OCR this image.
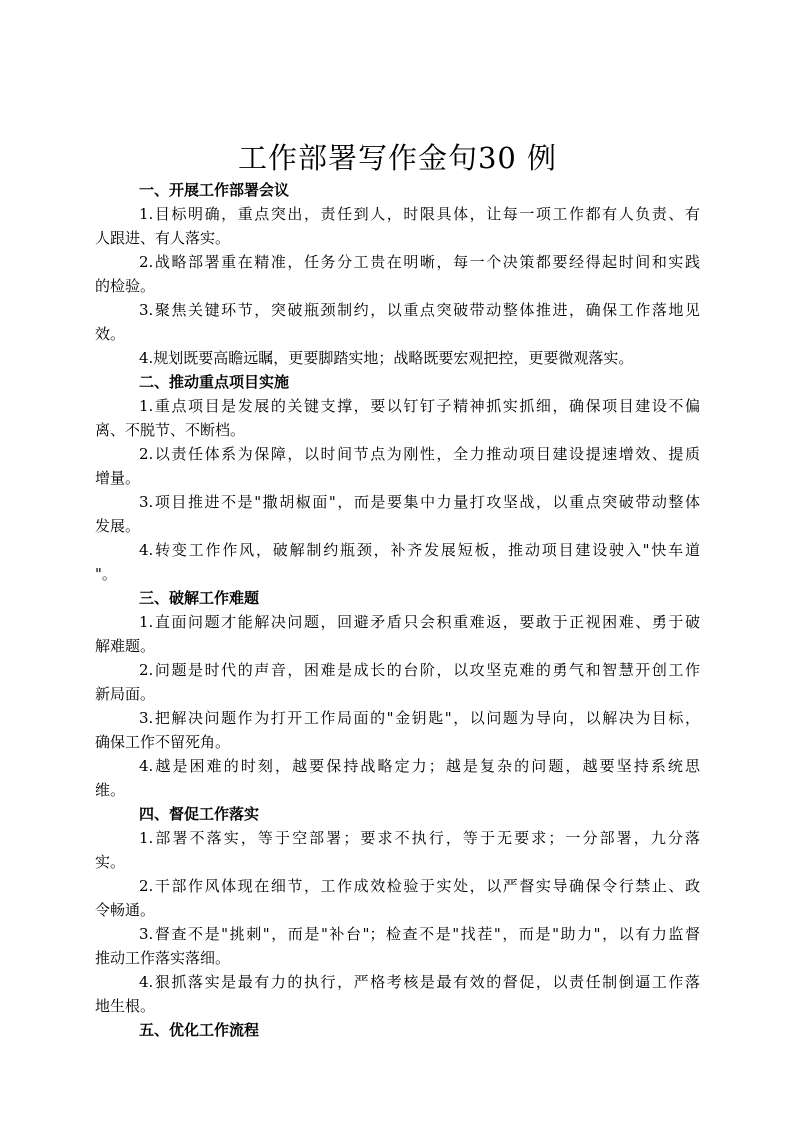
工作部署写作金句30 例
一、开展工作部署会议
1.目标明确，重点突出，责任到人，时限具体，让每一项工作都有人负责、有
人跟进、有人落实。
2.战略部署重在精准，任务分工贵在明晰，每一个决策都要经得起时间和实践
的检验。
3.聚焦关键环节，突破瓶颈制约，以重点突破带动整体推进，确保工作落地见
效。
4.规划既要高瞻远瞩，更要脚踏实地；战略既要宏观把控，更要微观落实。
二、推动重点项目实施
1.重点项目是发展的关键支撑，要以钉钉子精神抓实抓细，确保项目建设不偏
离、不脱节、不断档。
2.以责任体系为保障，以时间节点为刚性，全力推动项目建设提速增效、提质
增量。
3.项目推进不是"撒胡椒面"，而是要集中力量打攻坚战，以重点突破带动整体
发展。
4.转变工作作风，破解制约瓶颈，补齐发展短板，推动项目建设驶入"快车道
"。
三、破解工作难题
1.直面问题才能解决问题，回避矛盾只会积重难返，要敢于正视困难、勇于破
解难题。
2.问题是时代的声音，困难是成长的台阶，以攻坚克难的勇气和智慧开创工作
新局面。
3.把解决问题作为打开工作局面的"金钥匙"，以问题为导向，以解决为目标，
确保工作不留死角。
4.越是困难的时刻，越要保持战略定力；越是复杂的问题，越要坚持系统思
维。
四、督促工作落实
1.部署不落实，等于空部署；要求不执行，等于无要求；一分部署，九分落
实。
2.干部作风体现在细节，工作成效检验于实处，以严督实导确保令行禁止、政
令畅通。
3.督查不是"挑刺"，而是"补台"；检查不是"找茬"，而是"助力"，以有力监督
推动工作落实落细。
4.狠抓落实是最有力的执行，严格考核是最有效的督促，以责任制倒逼工作落
地生根。
五、优化工作流程
